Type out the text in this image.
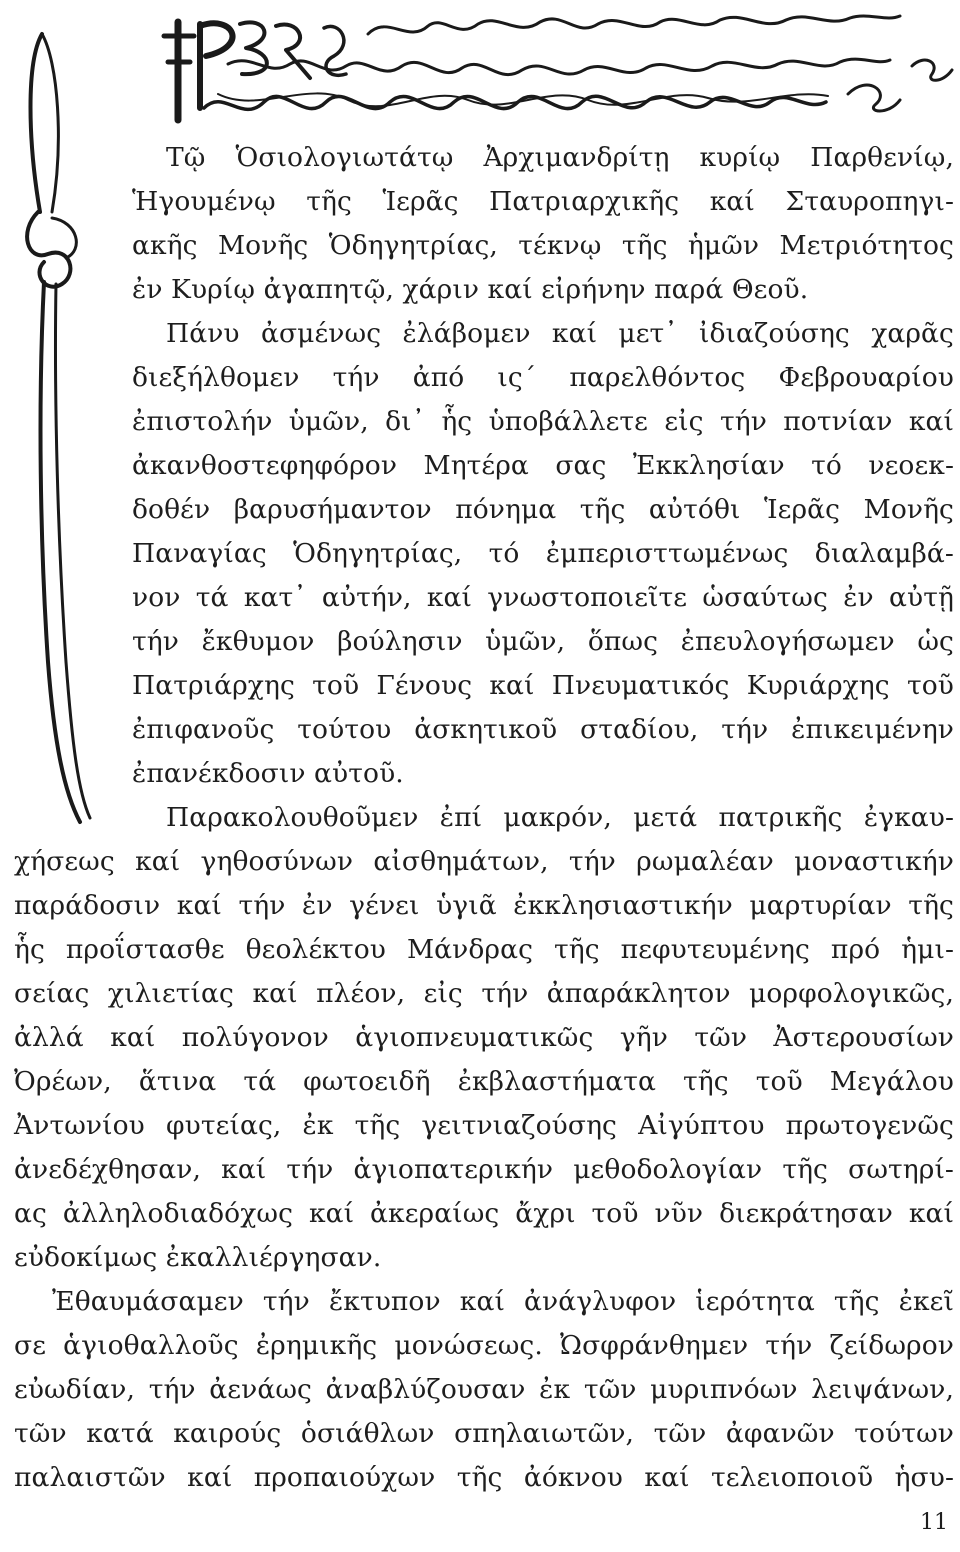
Τῷ Ὁσιολογιωτάτῳ Ἀρχιμανδρίτῃ κυρίῳ Παρθενίῳ,
Ἡγουμένῳ τῆς Ἱερᾶς Πατριαρχικῆς καί Σταυροπηγι-
ακῆς Μονῆς Ὁδηγητρίας, τέκνῳ τῆς ἡμῶν Μετριότητος
ἐν Κυρίῳ ἀγαπητῷ, χάριν καί εἰρήνην παρά Θεοῦ.
Πάνυ ἀσμένως ἐλάβομεν καί μετ᾽ ἰδιαζούσης χαρᾶς
διεξήλθομεν τήν ἀπό ις´ παρελθόντος Φεβρουαρίου
ἐπιστολήν ὑμῶν, δι᾽ ἧς ὑποβάλλετε εἰς τήν ποτνίαν καί
ἀκανθοστεφηφόρον Μητέρα σας Ἐκκλησίαν τό νεοεκ-
δοθέν βαρυσήμαντον πόνημα τῆς αὐτόθι Ἱερᾶς Μονῆς
Παναγίας Ὁδηγητρίας, τό ἐμπερισττωμένως διαλαμβά-
νον τά κατ᾽ αὐτήν, καί γνωστοποιεῖτε ὡσαύτως ἐν αὐτῇ
τήν ἔκθυμον βούλησιν ὑμῶν, ὅπως ἐπευλογήσωμεν ὡς
Πατριάρχης τοῦ Γένους καί Πνευματικός Κυριάρχης τοῦ
ἐπιφανοῦς τούτου ἀσκητικοῦ σταδίου, τήν ἐπικειμένην
ἐπανέκδοσιν αὐτοῦ.
Παρακολουθοῦμεν ἐπί μακρόν, μετά πατρικῆς ἐγκαυ-
χήσεως καί γηθοσύνων αἰσθημάτων, τήν ρωμαλέαν μοναστικήν
παράδοσιν καί τήν ἐν γένει ὑγιᾶ ἐκκλησιαστικήν μαρτυρίαν τῆς
ἧς προΐστασθε θεολέκτου Μάνδρας τῆς πεφυτευμένης πρό ἡμι-
σείας χιλιετίας καί πλέον, εἰς τήν ἀπαράκλητον μορφολογικῶς,
ἀλλά καί πολύγονον ἁγιοπνευματικῶς γῆν τῶν Ἀστερουσίων
Ὀρέων, ἅτινα τά φωτοειδῆ ἐκβλαστήματα τῆς τοῦ Μεγάλου
Ἀντωνίου φυτείας, ἐκ τῆς γειτνιαζούσης Αἰγύπτου πρωτογενῶς
ἀνεδέχθησαν, καί τήν ἁγιοπατερικήν μεθοδολογίαν τῆς σωτηρί-
ας ἀλληλοδιαδόχως καί ἀκεραίως ἄχρι τοῦ νῦν διεκράτησαν καί
εὐδοκίμως ἐκαλλιέργησαν.
Ἐθαυμάσαμεν τήν ἔκτυπον καί ἀνάγλυφον ἱερότητα τῆς ἐκεῖ
σε ἁγιοθαλλοῦς ἐρημικῆς μονώσεως. Ὠσφράνθημεν τήν ζείδωρον
εὐωδίαν, τήν ἀενάως ἀναβλύζουσαν ἐκ τῶν μυριπνόων λειψάνων,
τῶν κατά καιρούς ὁσιάθλων σπηλαιωτῶν, τῶν ἀφανῶν τούτων
παλαιστῶν καί προπαιούχων τῆς ἀόκνου καί τελειοποιοῦ ἡσυ-
11
